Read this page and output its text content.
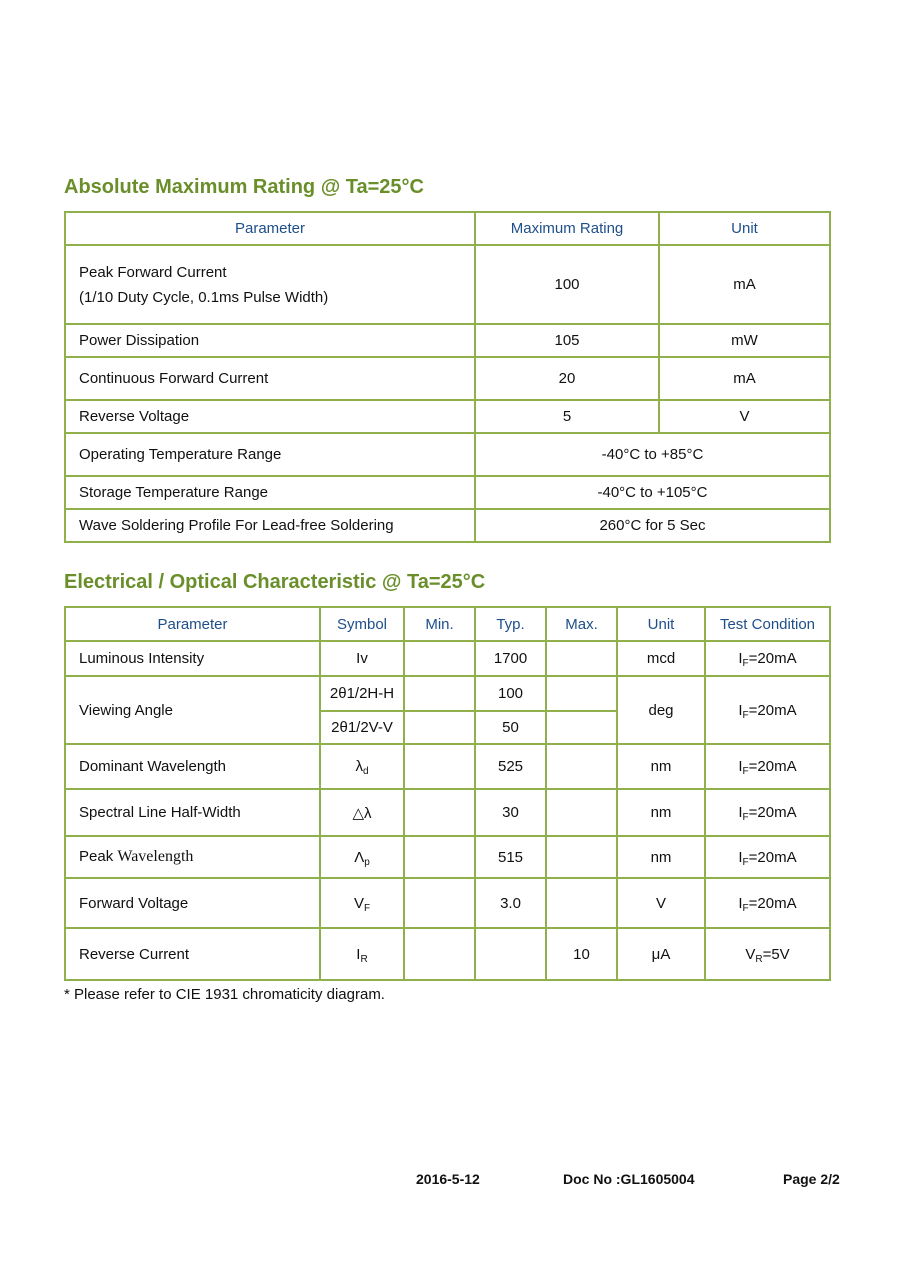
Absolute Maximum Rating @ Ta=25°C
Parameter	Maximum Rating	Unit
Peak Forward Current
(1/10 Duty Cycle, 0.1ms Pulse Width)	100	mA
Power Dissipation	105	mW
Continuous Forward Current	20	mA
Reverse Voltage	5	V
Operating Temperature Range	-40°C to +85°C	
Storage Temperature Range	-40°C to +105°C	
Wave Soldering Profile For Lead-free Soldering	260°C for 5 Sec	
Electrical / Optical Characteristic @ Ta=25°C
Parameter	Symbol	Min.	Typ.	Max.	Unit	Test Condition
Luminous Intensity	Iv		1700		mcd	$I_F=20mA$
Viewing Angle	2θ1/2H-H		100		deg	$I_F=20mA$
	2θ1/2V-V		50			
Dominant Wavelength	$\lambda_d$		525		nm	$I_F=20mA$
Spectral Line Half-Width	△λ		30		nm	$I_F=20mA$
Peak Wavelength	$\Lambda_p$		515		nm	$I_F=20mA$
Forward Voltage	$V_F$		3.0		V	$I_F=20mA$
Reverse Current	$I_R$			10	μA	$V_R=5V$
* Please refer to CIE 1931 chromaticity diagram.
2016-5-12	Doc No :GL1605004	Page 2/2
